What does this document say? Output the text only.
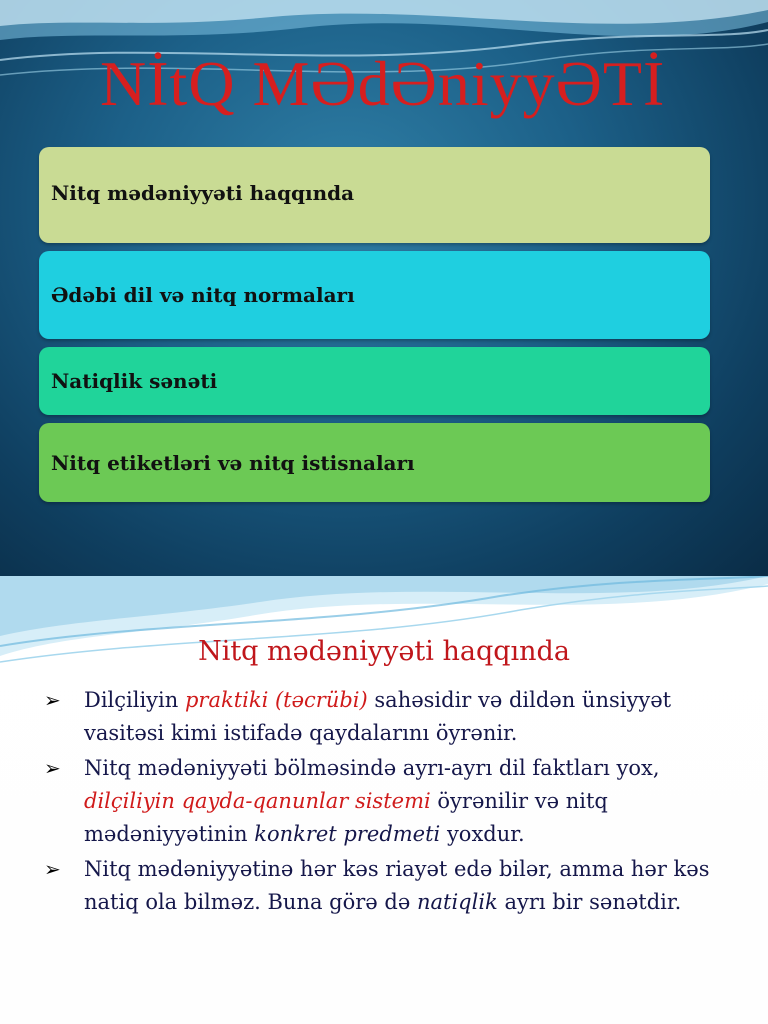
NİtQ MƏdƏniyyƏTİ
Nitq mədəniyyəti haqqında
Ədəbi dil və nitq normaları
Natiqlik sənəti
Nitq etiketləri və nitq istisnaları
Nitq mədəniyyəti haqqında
➢ Dilçiliyin praktiki (təcrübi) sahəsidir və dildən ünsiyyət vasitəsi kimi istifadə qaydalarını öyrənir.
➢ Nitq mədəniyyəti bölməsində ayrı-ayrı dil faktları yox, dilçiliyin qayda-qanunlar sistemi öyrənilir və nitq mədəniyyətinin konkret predmeti yoxdur.
➢ Nitq mədəniyyətinə hər kəs riayət edə bilər, amma hər kəs natiq ola bilməz. Buna görə də natiqlik ayrı bir sənətdir.
